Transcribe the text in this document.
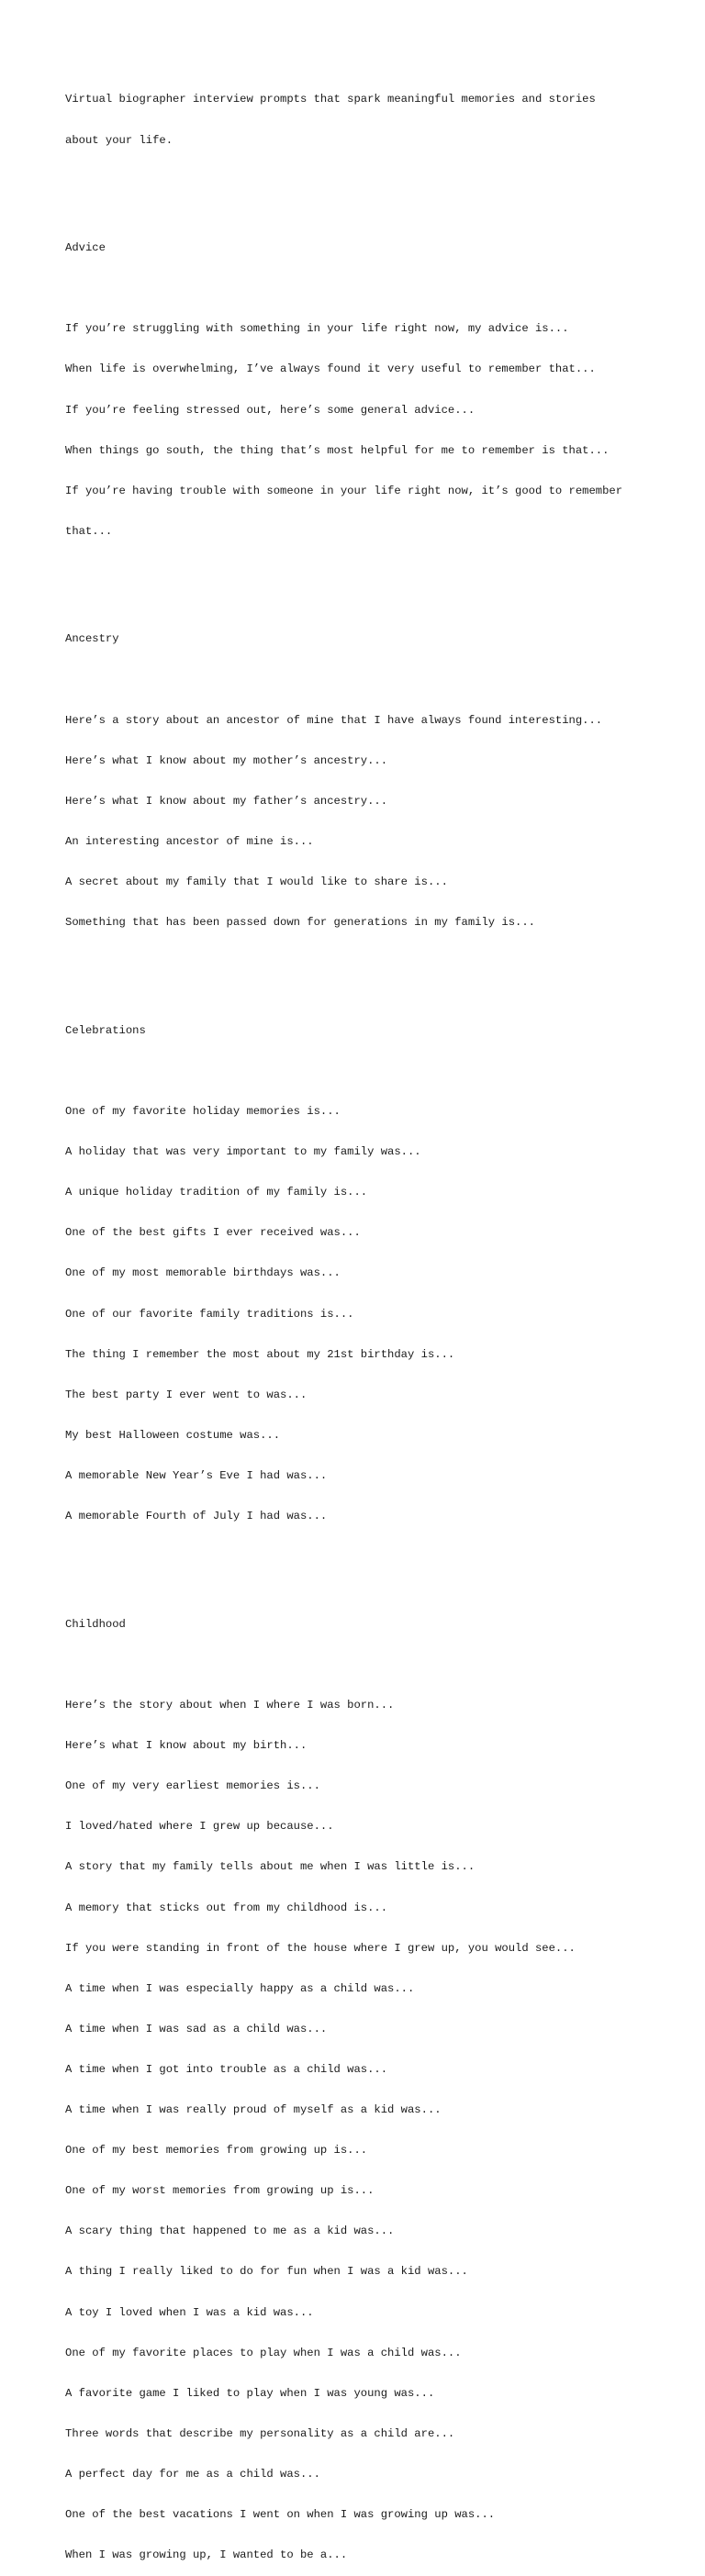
Virtual biographer interview prompts that spark meaningful memories and stories

about your life.

Advice

If you’re struggling with something in your life right now, my advice is...

When life is overwhelming, I’ve always found it very useful to remember that...

If you’re feeling stressed out, here’s some general advice...

When things go south, the thing that’s most helpful for me to remember is that...

If you’re having trouble with someone in your life right now, it’s good to remember

that...

Ancestry

Here’s a story about an ancestor of mine that I have always found interesting...

Here’s what I know about my mother’s ancestry...

Here’s what I know about my father’s ancestry...

An interesting ancestor of mine is...

A secret about my family that I would like to share is...

Something that has been passed down for generations in my family is...

Celebrations

One of my favorite holiday memories is...

A holiday that was very important to my family was...

A unique holiday tradition of my family is...

One of the best gifts I ever received was...

One of my most memorable birthdays was...

One of our favorite family traditions is...

The thing I remember the most about my 21st birthday is...

The best party I ever went to was...

My best Halloween costume was...

A memorable New Year’s Eve I had was...

A memorable Fourth of July I had was...

Childhood

Here’s the story about when I where I was born...

Here’s what I know about my birth...

One of my very earliest memories is...

I loved/hated where I grew up because...

A story that my family tells about me when I was little is...

A memory that sticks out from my childhood is...

If you were standing in front of the house where I grew up, you would see...

A time when I was especially happy as a child was...

A time when I was sad as a child was...

A time when I got into trouble as a child was...

A time when I was really proud of myself as a kid was...

One of my best memories from growing up is...

One of my worst memories from growing up is...

A scary thing that happened to me as a kid was...

A thing I really liked to do for fun when I was a kid was...

A toy I loved when I was a kid was...

One of my favorite places to play when I was a child was...

A favorite game I liked to play when I was young was...

Three words that describe my personality as a child are...

A perfect day for me as a child was...

One of the best vacations I went on when I was growing up was...

When I was growing up, I wanted to be a...
